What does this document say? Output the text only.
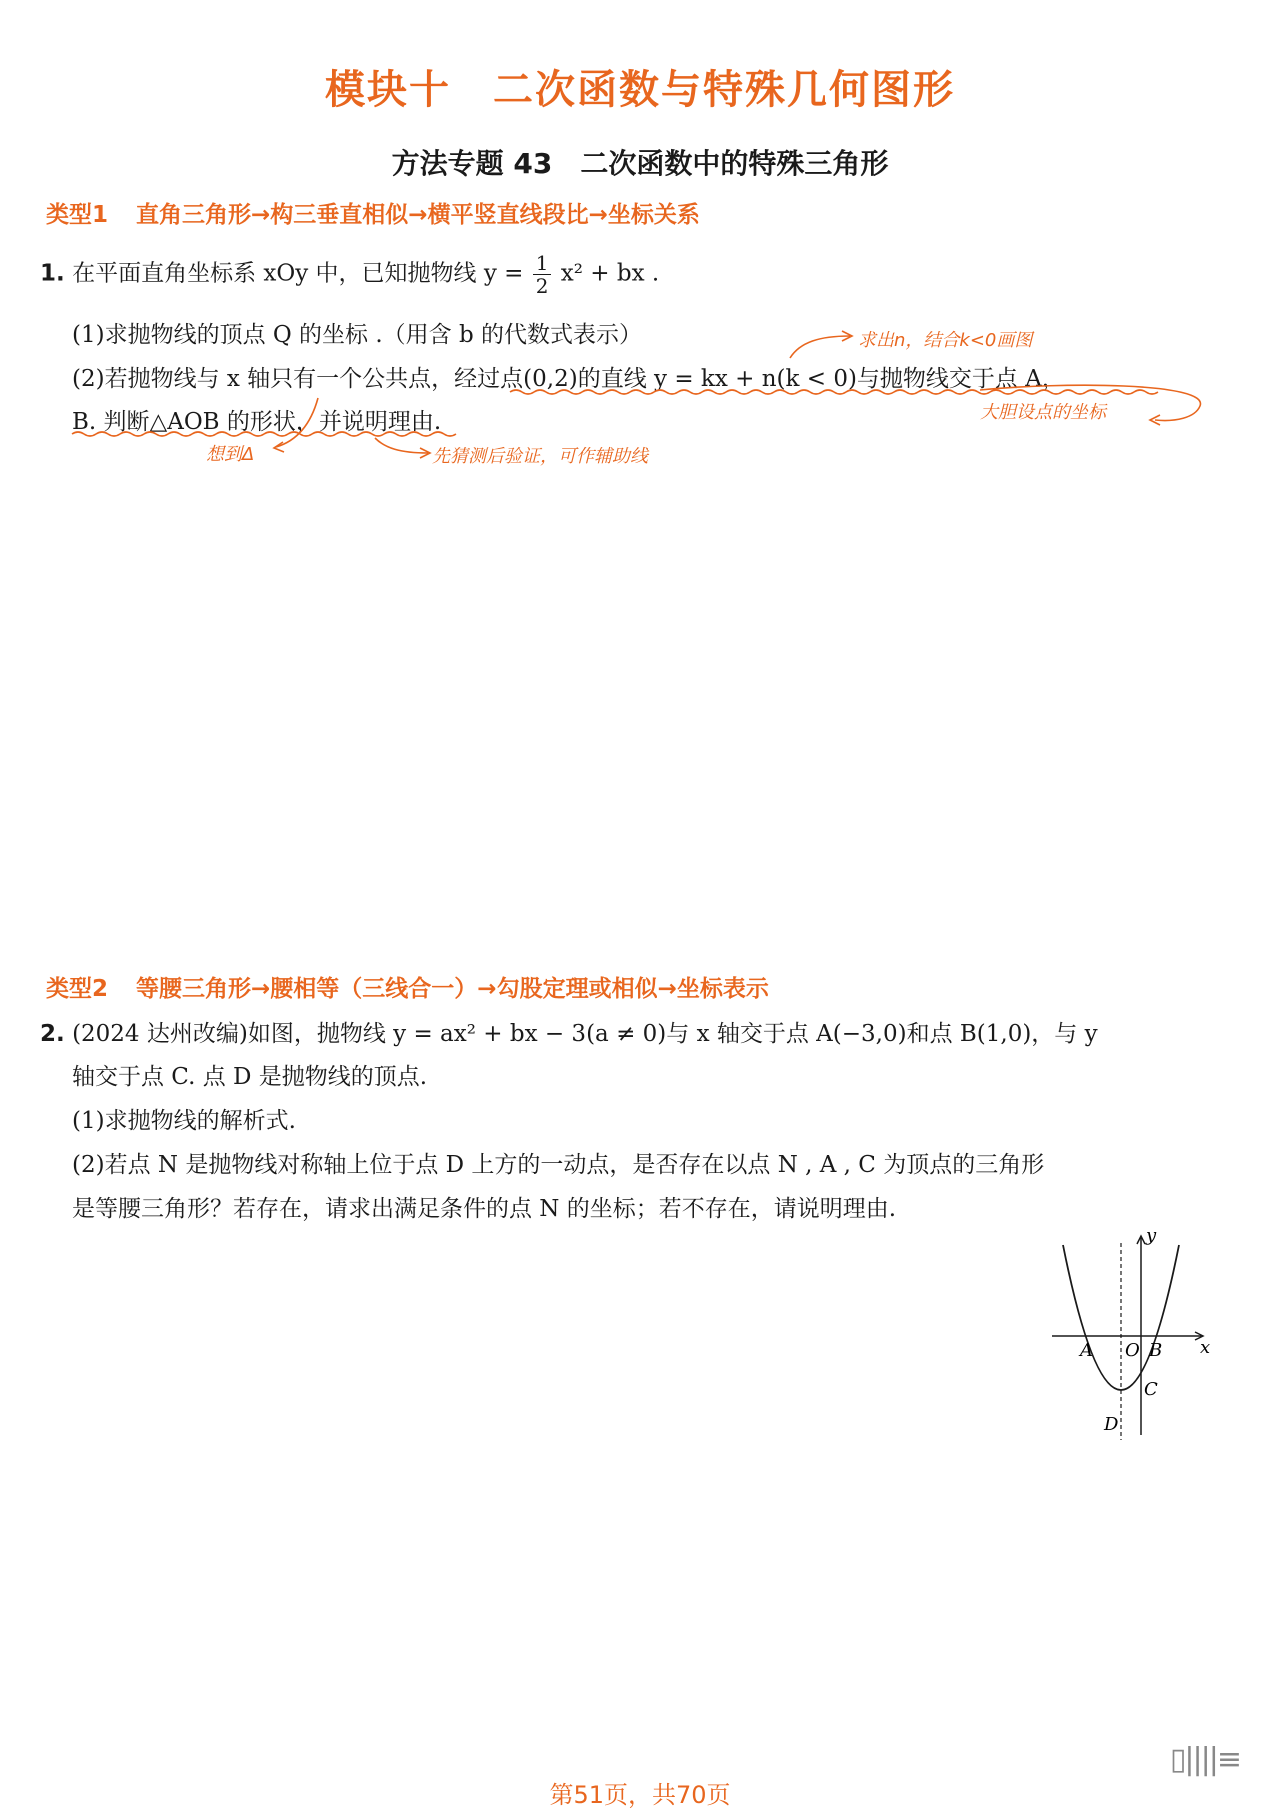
模块十　二次函数与特殊几何图形
方法专题 43　二次函数中的特殊三角形
类型1 直角三角形→构三垂直相似→横平竖直线段比→坐标关系
1. 在平面直角坐标系 xOy 中，已知抛物线 $y = \frac{1}{2} x^2$ + bx .
(1)求抛物线的顶点 Q 的坐标 .（用含 b 的代数式表示）
(2)若抛物线与 x 轴只有一个公共点，经过点(0,2)的直线 y = kx + n(k < 0)与抛物线交于点 A，
B. 判断△AOB 的形状，并说明理由.
求出n，结合k<0画图
大胆设点的坐标
想到Δ	先猜测后验证，可作辅助线
类型2 等腰三角形→腰相等（三线合一）→勾股定理或相似→坐标表示
2. (2024 达州改编)如图，抛物线 y = ax² + bx − 3(a ≠ 0)与 x 轴交于点 A(−3,0)和点 B(1,0)，与 y
轴交于点 C. 点 D 是抛物线的顶点.
(1)求抛物线的解析式.
(2)若点 N 是抛物线对称轴上位于点 D 上方的一动点，是否存在以点 N , A , C 为顶点的三角形
是等腰三角形？若存在，请求出满足条件的点 N 的坐标；若不存在，请说明理由.
A O B
C
D
x
y
第51页，共70页
▯||||≡
